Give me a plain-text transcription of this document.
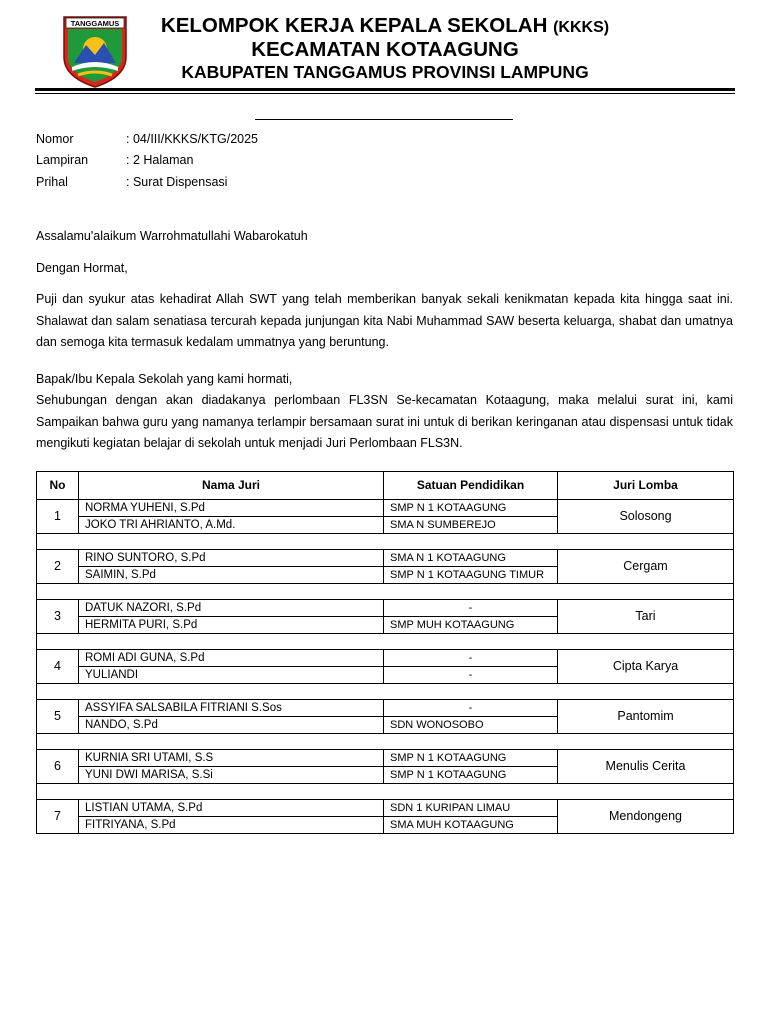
TANGGAMUS	KELOMPOK KERJA KEPALA SEKOLAH (KKKS)
KECAMATAN KOTAAGUNG
KABUPATEN TANGGAMUS PROVINSI LAMPUNG
Nomor	: 04/III/KKKS/KTG/2025
Lampiran	: 2 Halaman
Prihal	: Surat Dispensasi
Assalamu'alaikum Warrohmatullahi Wabarokatuh
Dengan Hormat,
Puji dan syukur atas kehadirat Allah SWT yang telah memberikan banyak sekali kenikmatan kepada kita hingga saat ini. Shalawat dan salam senatiasa tercurah kepada junjungan kita Nabi Muhammad SAW beserta keluarga, shabat dan umatnya dan semoga kita termasuk kedalam ummatnya yang beruntung.
Bapak/Ibu Kepala Sekolah yang kami hormati,
Sehubungan dengan akan diadakanya perlombaan FL3SN Se-kecamatan Kotaagung, maka melalui surat ini, kami Sampaikan bahwa guru yang namanya terlampir bersamaan surat ini untuk di berikan keringanan atau dispensasi untuk tidak mengikuti kegiatan belajar di sekolah untuk menjadi Juri Perlombaan FLS3N.
No	Nama Juri	Satuan Pendidikan	Juri Lomba
1	NORMA YUHENI, S.Pd	SMP N 1 KOTAAGUNG	Solosong
	JOKO TRI AHRIANTO, A.Md.	SMA N SUMBEREJO	

2	RINO SUNTORO, S.Pd	SMA N 1 KOTAAGUNG	Cergam
	SAIMIN, S.Pd	SMP N 1 KOTAAGUNG TIMUR	

3	DATUK NAZORI, S.Pd	-	Tari
	HERMITA PURI, S.Pd	SMP MUH KOTAAGUNG	

4	ROMI ADI GUNA, S.Pd	-	Cipta Karya
	YULIANDI	-	

5	ASSYIFA SALSABILA FITRIANI S.Sos	-	Pantomim
	NANDO, S.Pd	SDN WONOSOBO	

6	KURNIA SRI UTAMI, S.S	SMP N 1 KOTAAGUNG	Menulis Cerita
	YUNI DWI MARISA, S.Si	SMP N 1 KOTAAGUNG	

7	LISTIAN UTAMA, S.Pd	SDN 1 KURIPAN LIMAU	Mendongeng
	FITRIYANA, S.Pd	SMA MUH KOTAAGUNG	
